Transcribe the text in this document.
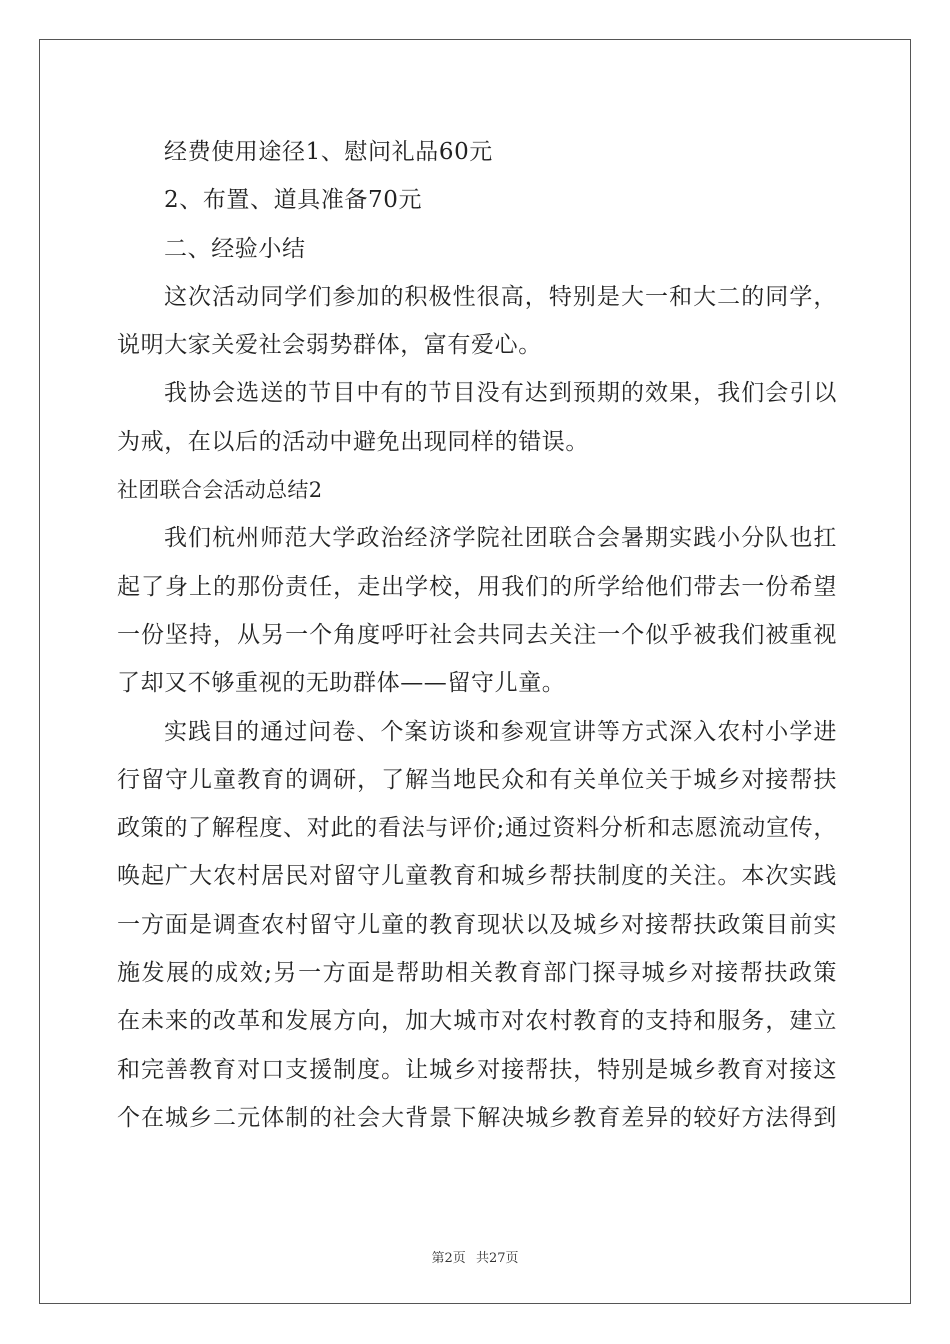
经费使用途径1、慰问礼品60元
2、布置、道具准备70元
二、经验小结
这次活动同学们参加的积极性很高，特别是大一和大二的同学，
说明大家关爱社会弱势群体，富有爱心。
我协会选送的节目中有的节目没有达到预期的效果，我们会引以
为戒，在以后的活动中避免出现同样的错误。
社团联合会活动总结2
我们杭州师范大学政治经济学院社团联合会暑期实践小分队也扛
起了身上的那份责任，走出学校，用我们的所学给他们带去一份希望
一份坚持，从另一个角度呼吁社会共同去关注一个似乎被我们被重视
了却又不够重视的无助群体——留守儿童。
实践目的通过问卷、个案访谈和参观宣讲等方式深入农村小学进
行留守儿童教育的调研，了解当地民众和有关单位关于城乡对接帮扶
政策的了解程度、对此的看法与评价;通过资料分析和志愿流动宣传，
唤起广大农村居民对留守儿童教育和城乡帮扶制度的关注。本次实践
一方面是调查农村留守儿童的教育现状以及城乡对接帮扶政策目前实
施发展的成效;另一方面是帮助相关教育部门探寻城乡对接帮扶政策
在未来的改革和发展方向，加大城市对农村教育的支持和服务，建立
和完善教育对口支援制度。让城乡对接帮扶，特别是城乡教育对接这
个在城乡二元体制的社会大背景下解决城乡教育差异的较好方法得到
第2页 共27页
